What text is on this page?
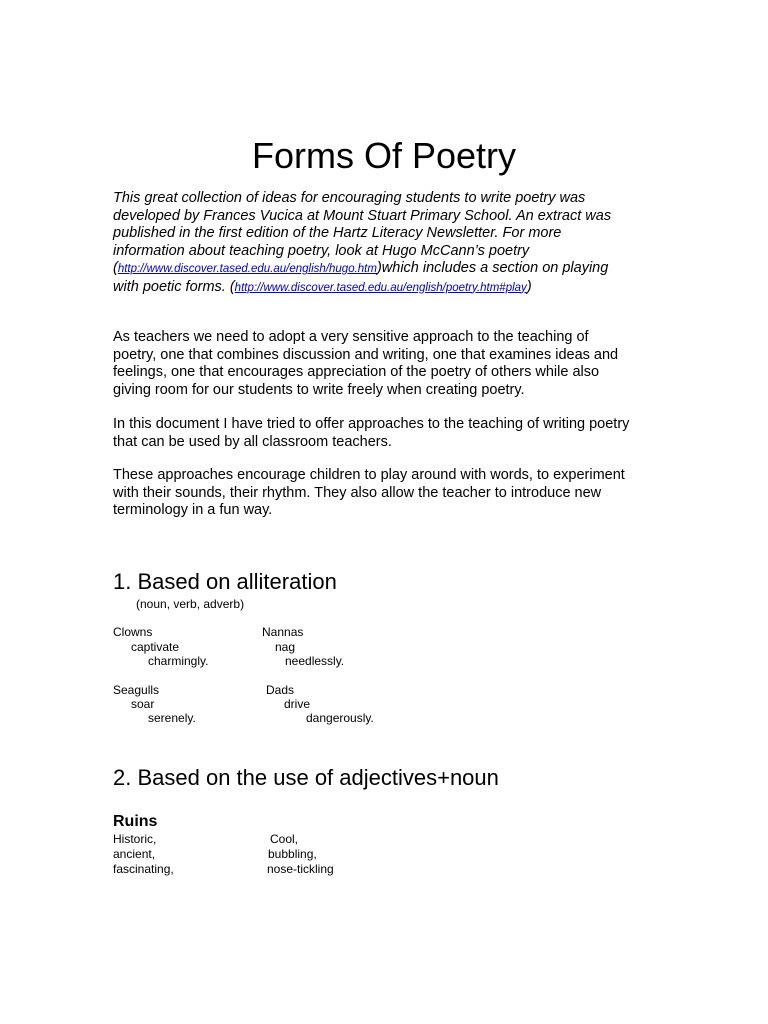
Forms Of Poetry

This great collection of ideas for encouraging students to write poetry was
developed by Frances Vucica at Mount Stuart Primary School. An extract was
published in the first edition of the Hartz Literacy Newsletter. For more
information about teaching poetry, look at Hugo McCann’s poetry
(http://www.discover.tased.edu.au/english/hugo.htm)which includes a section on playing
with poetic forms. (http://www.discover.tased.edu.au/english/poetry.htm#play)

As teachers we need to adopt a very sensitive approach to the teaching of
poetry, one that combines discussion and writing, one that examines ideas and
feelings, one that encourages appreciation of the poetry of others while also
giving room for our students to write freely when creating poetry.

In this document I have tried to offer approaches to the teaching of writing poetry
that can be used by all classroom teachers.

These approaches encourage children to play around with words, to experiment
with their sounds, their rhythm. They also allow the teacher to introduce new
terminology in a fun way.

1. Based on alliteration
(noun, verb, adverb)
Clowns
captivate
charmingly.
Nannas
nag
needlessly.
Seagulls
soar
serenely.
Dads
drive
dangerously.
2. Based on the use of adjectives+noun
Ruins
Historic,
ancient,
fascinating,
Cool,
bubbling,
nose-tickling
